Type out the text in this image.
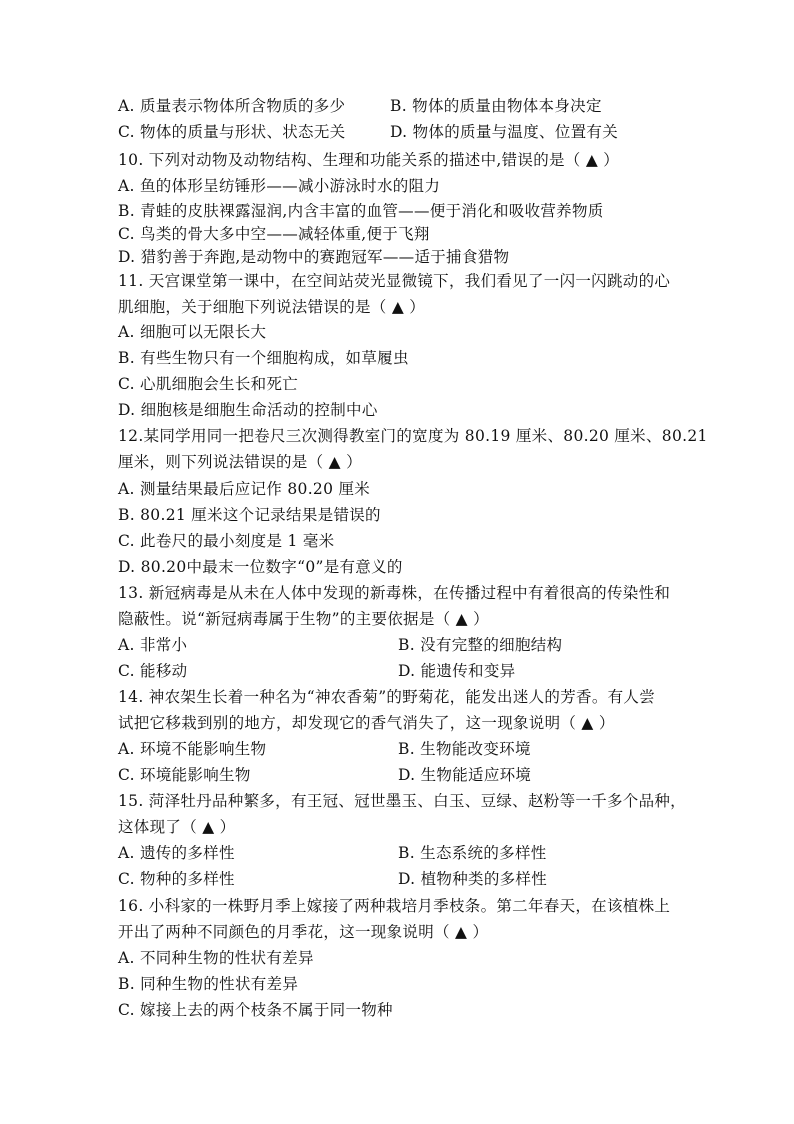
A. 质量表示物体所含物质的多少	B. 物体的质量由物体本身决定
C. 物体的质量与形状、状态无关	D. 物体的质量与温度、位置有关
10. 下列对动物及动物结构、生理和功能关系的描述中,错误的是（ ▲ ）
A. 鱼的体形呈纺锤形——减小游泳时水的阻力
B. 青蛙的皮肤裸露湿润,内含丰富的血管——便于消化和吸收营养物质
C. 鸟类的骨大多中空——减轻体重,便于飞翔
D. 猎豹善于奔跑,是动物中的赛跑冠军——适于捕食猎物
11. 天宫课堂第一课中，在空间站荧光显微镜下，我们看见了一闪一闪跳动的心
肌细胞，关于细胞下列说法错误的是（ ▲ ）
A. 细胞可以无限长大
B. 有些生物只有一个细胞构成，如草履虫
C. 心肌细胞会生长和死亡
D. 细胞核是细胞生命活动的控制中心
12.某同学用同一把卷尺三次测得教室门的宽度为 80.19 厘米、80.20 厘米、80.21
厘米，则下列说法错误的是（ ▲ ）
A. 测量结果最后应记作 80.20 厘米
B. 80.21 厘米这个记录结果是错误的
C. 此卷尺的最小刻度是 1 毫米
D. 80.20中最末一位数字“0”是有意义的
13. 新冠病毒是从未在人体中发现的新毒株，在传播过程中有着很高的传染性和
隐蔽性。说“新冠病毒属于生物”的主要依据是（ ▲ ）
A. 非常小	B. 没有完整的细胞结构
C. 能移动	D. 能遗传和变异
14. 神农架生长着一种名为“神农香菊”的野菊花，能发出迷人的芳香。有人尝
试把它移栽到别的地方，却发现它的香气消失了，这一现象说明（ ▲ ）
A. 环境不能影响生物	B. 生物能改变环境
C. 环境能影响生物	D. 生物能适应环境
15. 菏泽牡丹品种繁多，有王冠、冠世墨玉、白玉、豆绿、赵粉等一千多个品种，
这体现了（ ▲ ）
A. 遗传的多样性	B. 生态系统的多样性
C. 物种的多样性	D. 植物种类的多样性
16. 小科家的一株野月季上嫁接了两种栽培月季枝条。第二年春天，在该植株上
开出了两种不同颜色的月季花，这一现象说明（ ▲ ）
A. 不同种生物的性状有差异
B. 同种生物的性状有差异
C. 嫁接上去的两个枝条不属于同一物种
